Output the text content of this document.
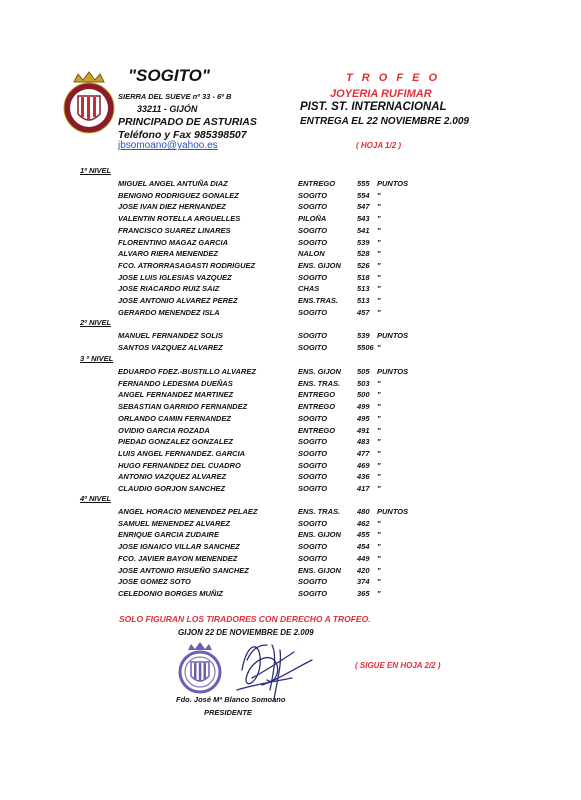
"SOGITO"
SIERRA DEL SUEVE nº 33 - 6º B
33211 - GIJÓN
PRINCIPADO DE ASTURIAS
Teléfono y Fax 985398507
jbsomoano@yahoo.es
T R O F E O
JOYERIA RUFIMAR
PIST. ST. INTERNACIONAL
ENTREGA EL 22 NOVIEMBRE 2.009
( HOJA 1/2 )
1º NIVEL
MIGUEL ANGEL ANTUÑA DIAZ	ENTREGO	555 PUNTOS
BENIGNO RODRIGUEZ GONALEZ	SOGITO	554 "
JOSE IVAN DIEZ HERNANDEZ	SOGITO	547 "
VALENTIN ROTELLA ARGUELLES	PILOÑA	543 "
FRANCISCO SUAREZ LINARES	SOGITO	541 "
FLORENTINO MAGAZ GARCIA	SOGITO	539 "
ALVARO RIERA MENENDEZ	NALON	528 "
FCO. ATRORRASAGASTI RODRIGUEZ	ENS. GIJON 526 "
JOSE LUIS IGLESIAS VAZQUEZ	SOGITO	518 "
JOSE RIACARDO RUIZ SAIZ	CHAS	513 "
JOSE ANTONIO ALVAREZ PEREZ	ENS.TRAS.	513 "
GERARDO MENENDEZ ISLA	SOGITO	457 "
2º NIVEL
MANUEL FERNANDEZ SOLIS	SOGITO	539 PUNTOS
SANTOS VAZQUEZ ALVAREZ	SOGITO	5506 "
3 º NIVEL
EDUARDO FDEZ.-BUSTILLO ALVAREZ	ENS. GIJON 505 PUNTOS
FERNANDO LEDESMA DUEÑAS	ENS. TRAS. 503 "
ANGEL FERNANDEZ MARTINEZ	ENTREGO	500 "
SEBASTIAN GARRIDO FERNANDEZ	ENTREGO	499 "
ORLANDO CAMIN FERNANDEZ	SOGITO	495 "
OVIDIO GARCIA ROZADA	ENTREGO	491 "
PIEDAD GONZALEZ GONZALEZ	SOGITO	483 "
LUIS ANGEL FERNANDEZ. GARCIA	SOGITO	477 "
HUGO FERNANDEZ DEL CUADRO	SOGITO	469 "
ANTONIO VAZQUEZ ALVAREZ	SOGITO	436 "
CLAUDIO GORJON SANCHEZ	SOGITO	417 "
4º NIVEL
ANGEL HORACIO MENENDEZ PELAEZ	ENS. TRAS. 480 PUNTOS
SAMUEL MENENDEZ ALVAREZ	SOGITO	462 "
ENRIQUE GARCIA ZUDAIRE	ENS. GIJON 455 "
JOSE IGNAICO VILLAR SANCHEZ	SOGITO	454 "
FCO. JAVIER BAYON MENENDEZ	SOGITO	449 "
JOSE ANTONIO RISUEÑO SANCHEZ	ENS. GIJON 420 "
JOSE GOMEZ SOTO	SOGITO	374 "
CELEDONIO BORGES MUÑIZ	SOGITO	365 "
SOLO FIGURAN LOS TIRADORES CON DERECHO A TROFEO.
GIJON 22 DE NOVIEMBRE DE 2.009
( SIGUE EN HOJA 2/2 )
Fdo. José Mª Blanco Somoano
PRESIDENTE
